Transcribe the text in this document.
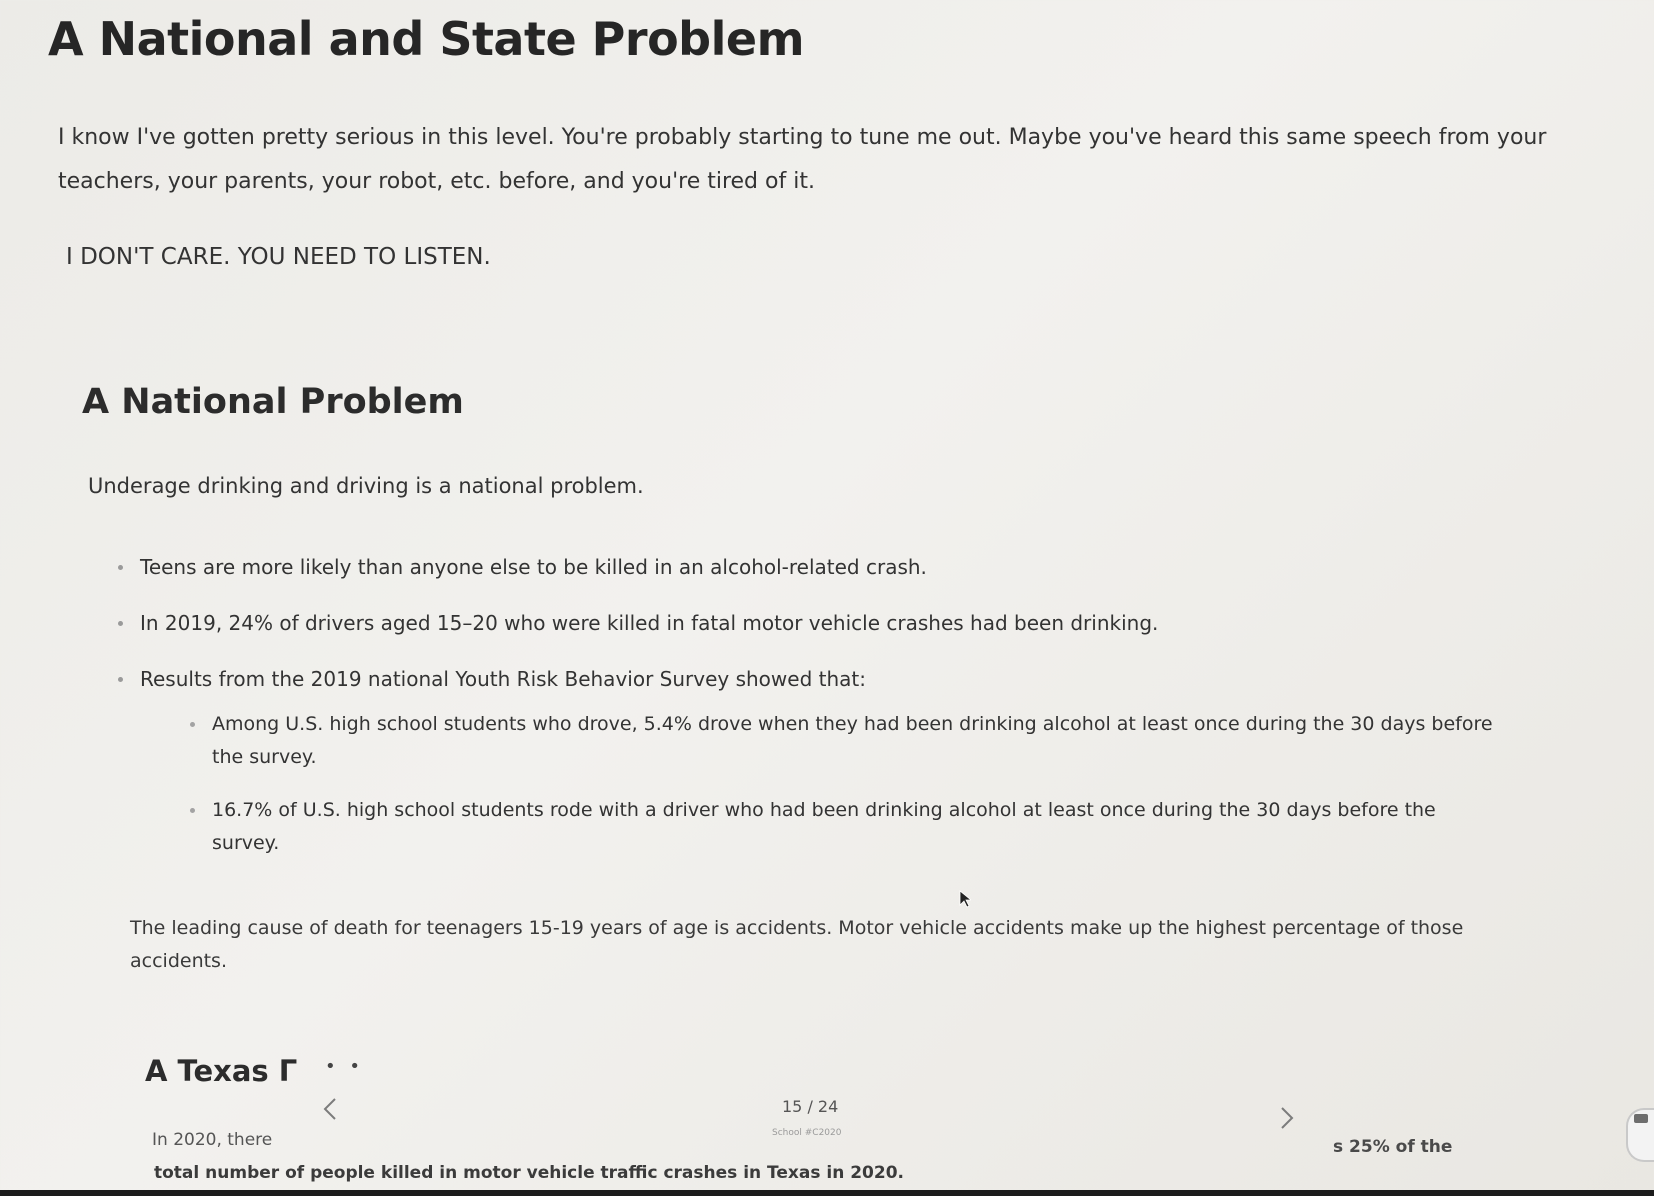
A National and State Problem

I know I've gotten pretty serious in this level. You're probably starting to tune me out. Maybe you've heard this same speech from your teachers, your parents, your robot, etc. before, and you're tired of it.

I DON'T CARE. YOU NEED TO LISTEN.

A National Problem

Underage drinking and driving is a national problem.

Teens are more likely than anyone else to be killed in an alcohol-related crash.
In 2019, 24% of drivers aged 15–20 who were killed in fatal motor vehicle crashes had been drinking.
Results from the 2019 national Youth Risk Behavior Survey showed that:
Among U.S. high school students who drove, 5.4% drove when they had been drinking alcohol at least once during the 30 days before the survey.
16.7% of U.S. high school students rode with a driver who had been drinking alcohol at least once during the 30 days before the survey.

The leading cause of death for teenagers 15-19 years of age is accidents. Motor vehicle accidents make up the highest percentage of those accidents.

A Texas Γ • •
15 / 24
School #C2020
In 2020, there	s 25% of the
total number of people killed in motor vehicle traffic crashes in Texas in 2020.
